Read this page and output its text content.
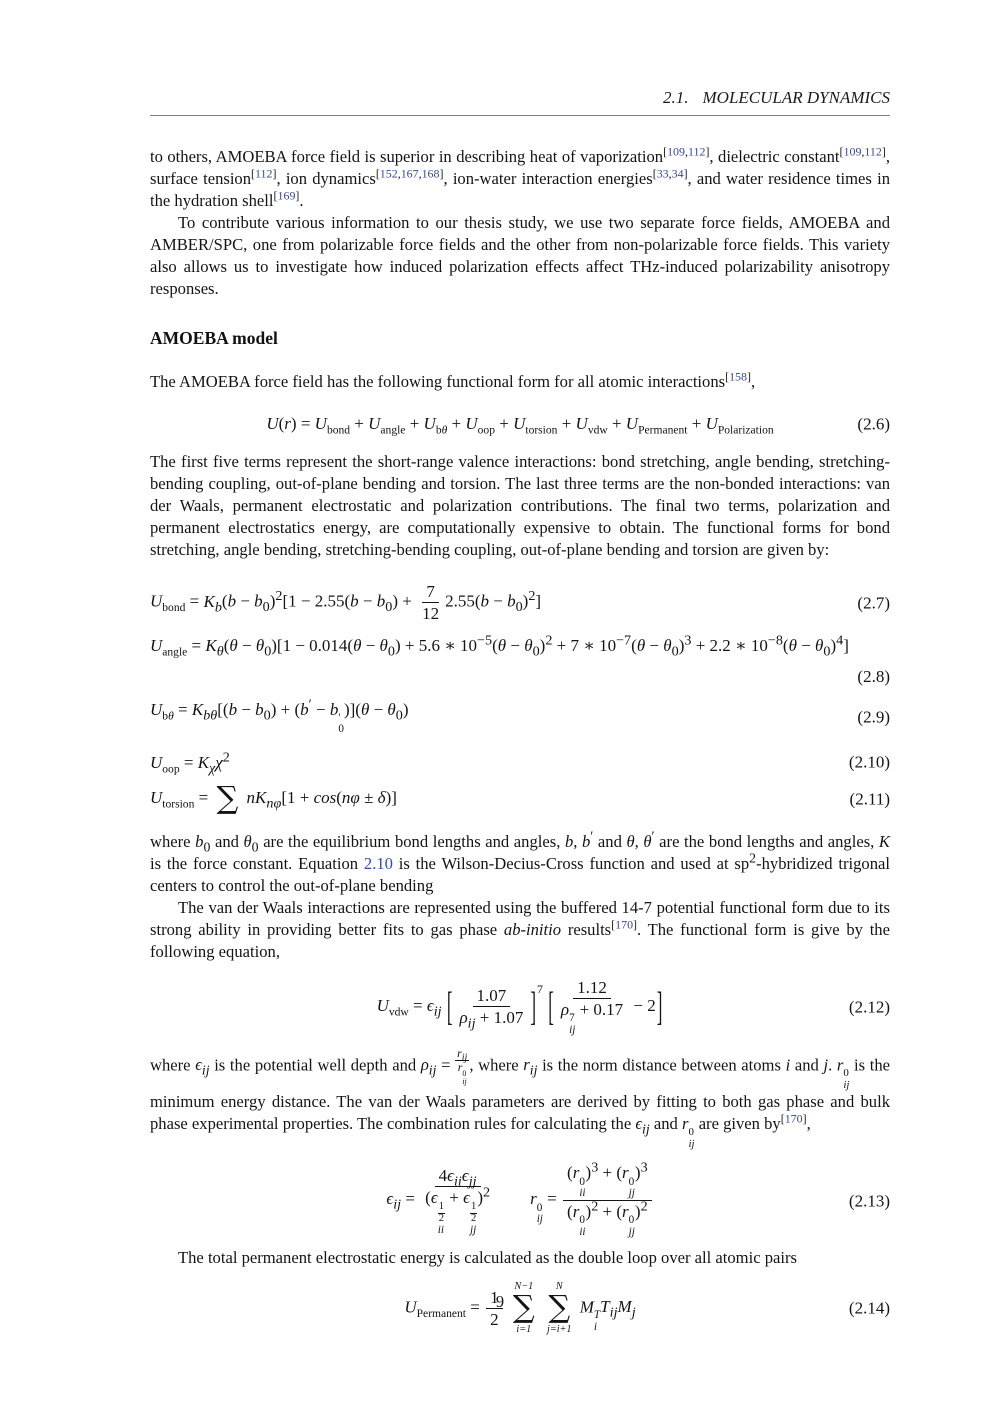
2.1. MOLECULAR DYNAMICS

to others, AMOEBA force field is superior in describing heat of vaporization[109,112], dielectric constant[109,112], surface tension[112], ion dynamics[152,167,168], ion-water interaction energies[33,34], and water residence times in the hydration shell[169].

To contribute various information to our thesis study, we use two separate force fields, AMOEBA and AMBER/SPC, one from polarizable force fields and the other from non-polarizable force fields. This variety also allows us to investigate how induced polarization effects affect THz-induced polarizability anisotropy responses.

AMOEBA model

The AMOEBA force field has the following functional form for all atomic interactions[158],

$U(r) = U_{bond} + U_{angle} + U_{b\theta} + U_{oop} + U_{torsion} + U_{vdw} + U_{Permanent} + U_{Polarization}$	(2.6)

The first five terms represent the short-range valence interactions: bond stretching, angle bending, stretching-bending coupling, out-of-plane bending and torsion. The last three terms are the non-bonded interactions: van der Waals, permanent electrostatic and polarization contributions. The final two terms, polarization and permanent electrostatics energy, are computationally expensive to obtain. The functional forms for bond stretching, angle bending, stretching-bending coupling, out-of-plane bending and torsion are given by:

$U_{bond} = K_b(b - b_0)^2[1 - 2.55(b - b_0) + \frac{7}{12} 2.55(b - b_0)^2]$	(2.7)
$U_{angle} = K_\theta(\theta - \theta_0)[1 - 0.014(\theta - \theta_0) + 5.6$ ∗ $10^{-5}(\theta - \theta_0)^2 + 7$ ∗ $10^{-7}(\theta - \theta_0)^3 + 2.2$ ∗ $10^{-8}(\theta - \theta_0)^4$]
(2.8)
$U_{b\theta} = K_{b\theta}[(b - b_0) + (b' - b$ ′
0
)]$(\theta - \theta_0)$	(2.9)
$U_{oop} = K_\chi\chi^2$	(2.10)
$U_{torsion}$ = ∑ $nK_{n\varphi}[1 + \cos(n\varphi \pm \delta)]$	(2.11)

where $b_0$ and $\theta_0$ are the equilibrium bond lengths and angles, b, b′ and θ, θ′ are the bond lengths and angles, K is the force constant. Equation 2.10 is the Wilson-Decius-Cross function and used at $sp^2$-hybridized trigonal centers to control the out-of-plane bending

The van der Waals interactions are represented using the buffered 14-7 potential functional form due to its strong ability in providing better fits to gas phase ab-initio results[170]. The functional form is give by the following equation,

$U_{vdw} = \epsilon_{ij}$ [ $\frac{1.07}{\rho_{ij} + 1.07} ]^7$ [ 1.12
ρ 7
ij
+ 0.17 − 2]	(2.12)

where $\epsilon_{ij}$ is the potential well depth and $\rho_{ij}$ =
$r_{ij}$
r 0
ij
, where $r_{ij}$ is the norm distance between atoms i and j. r 0
ij
is the minimum energy distance. The van der Waals parameters are derived by fitting to both gas phase and bulk phase experimental properties. The combination rules for calculating the $\epsilon_{ij}$ and r 0
ij
are given by[170],

$\epsilon_{ij} = 4\epsilon_{ii}\epsilon_{jj}$
(ϵ
$\frac{1}{2}$
ii
+ ϵ
$\frac{1}{2}$
jj
)$^2$
   r 0
ij
= (r 0
ii
)$^3$ + (r 0
jj
)$^3$
(r 0
ii
)$^2$ + (r 0
jj
)$^2$	(2.13)

The total permanent electrostatic energy is calculated as the double loop over all atomic pairs

$U_{Permanent} = \frac{1}{2}$

N−1
∑
i=1

N
∑
j=i+1
M T
i
$T_{ij}M_j$	(2.14)
9
